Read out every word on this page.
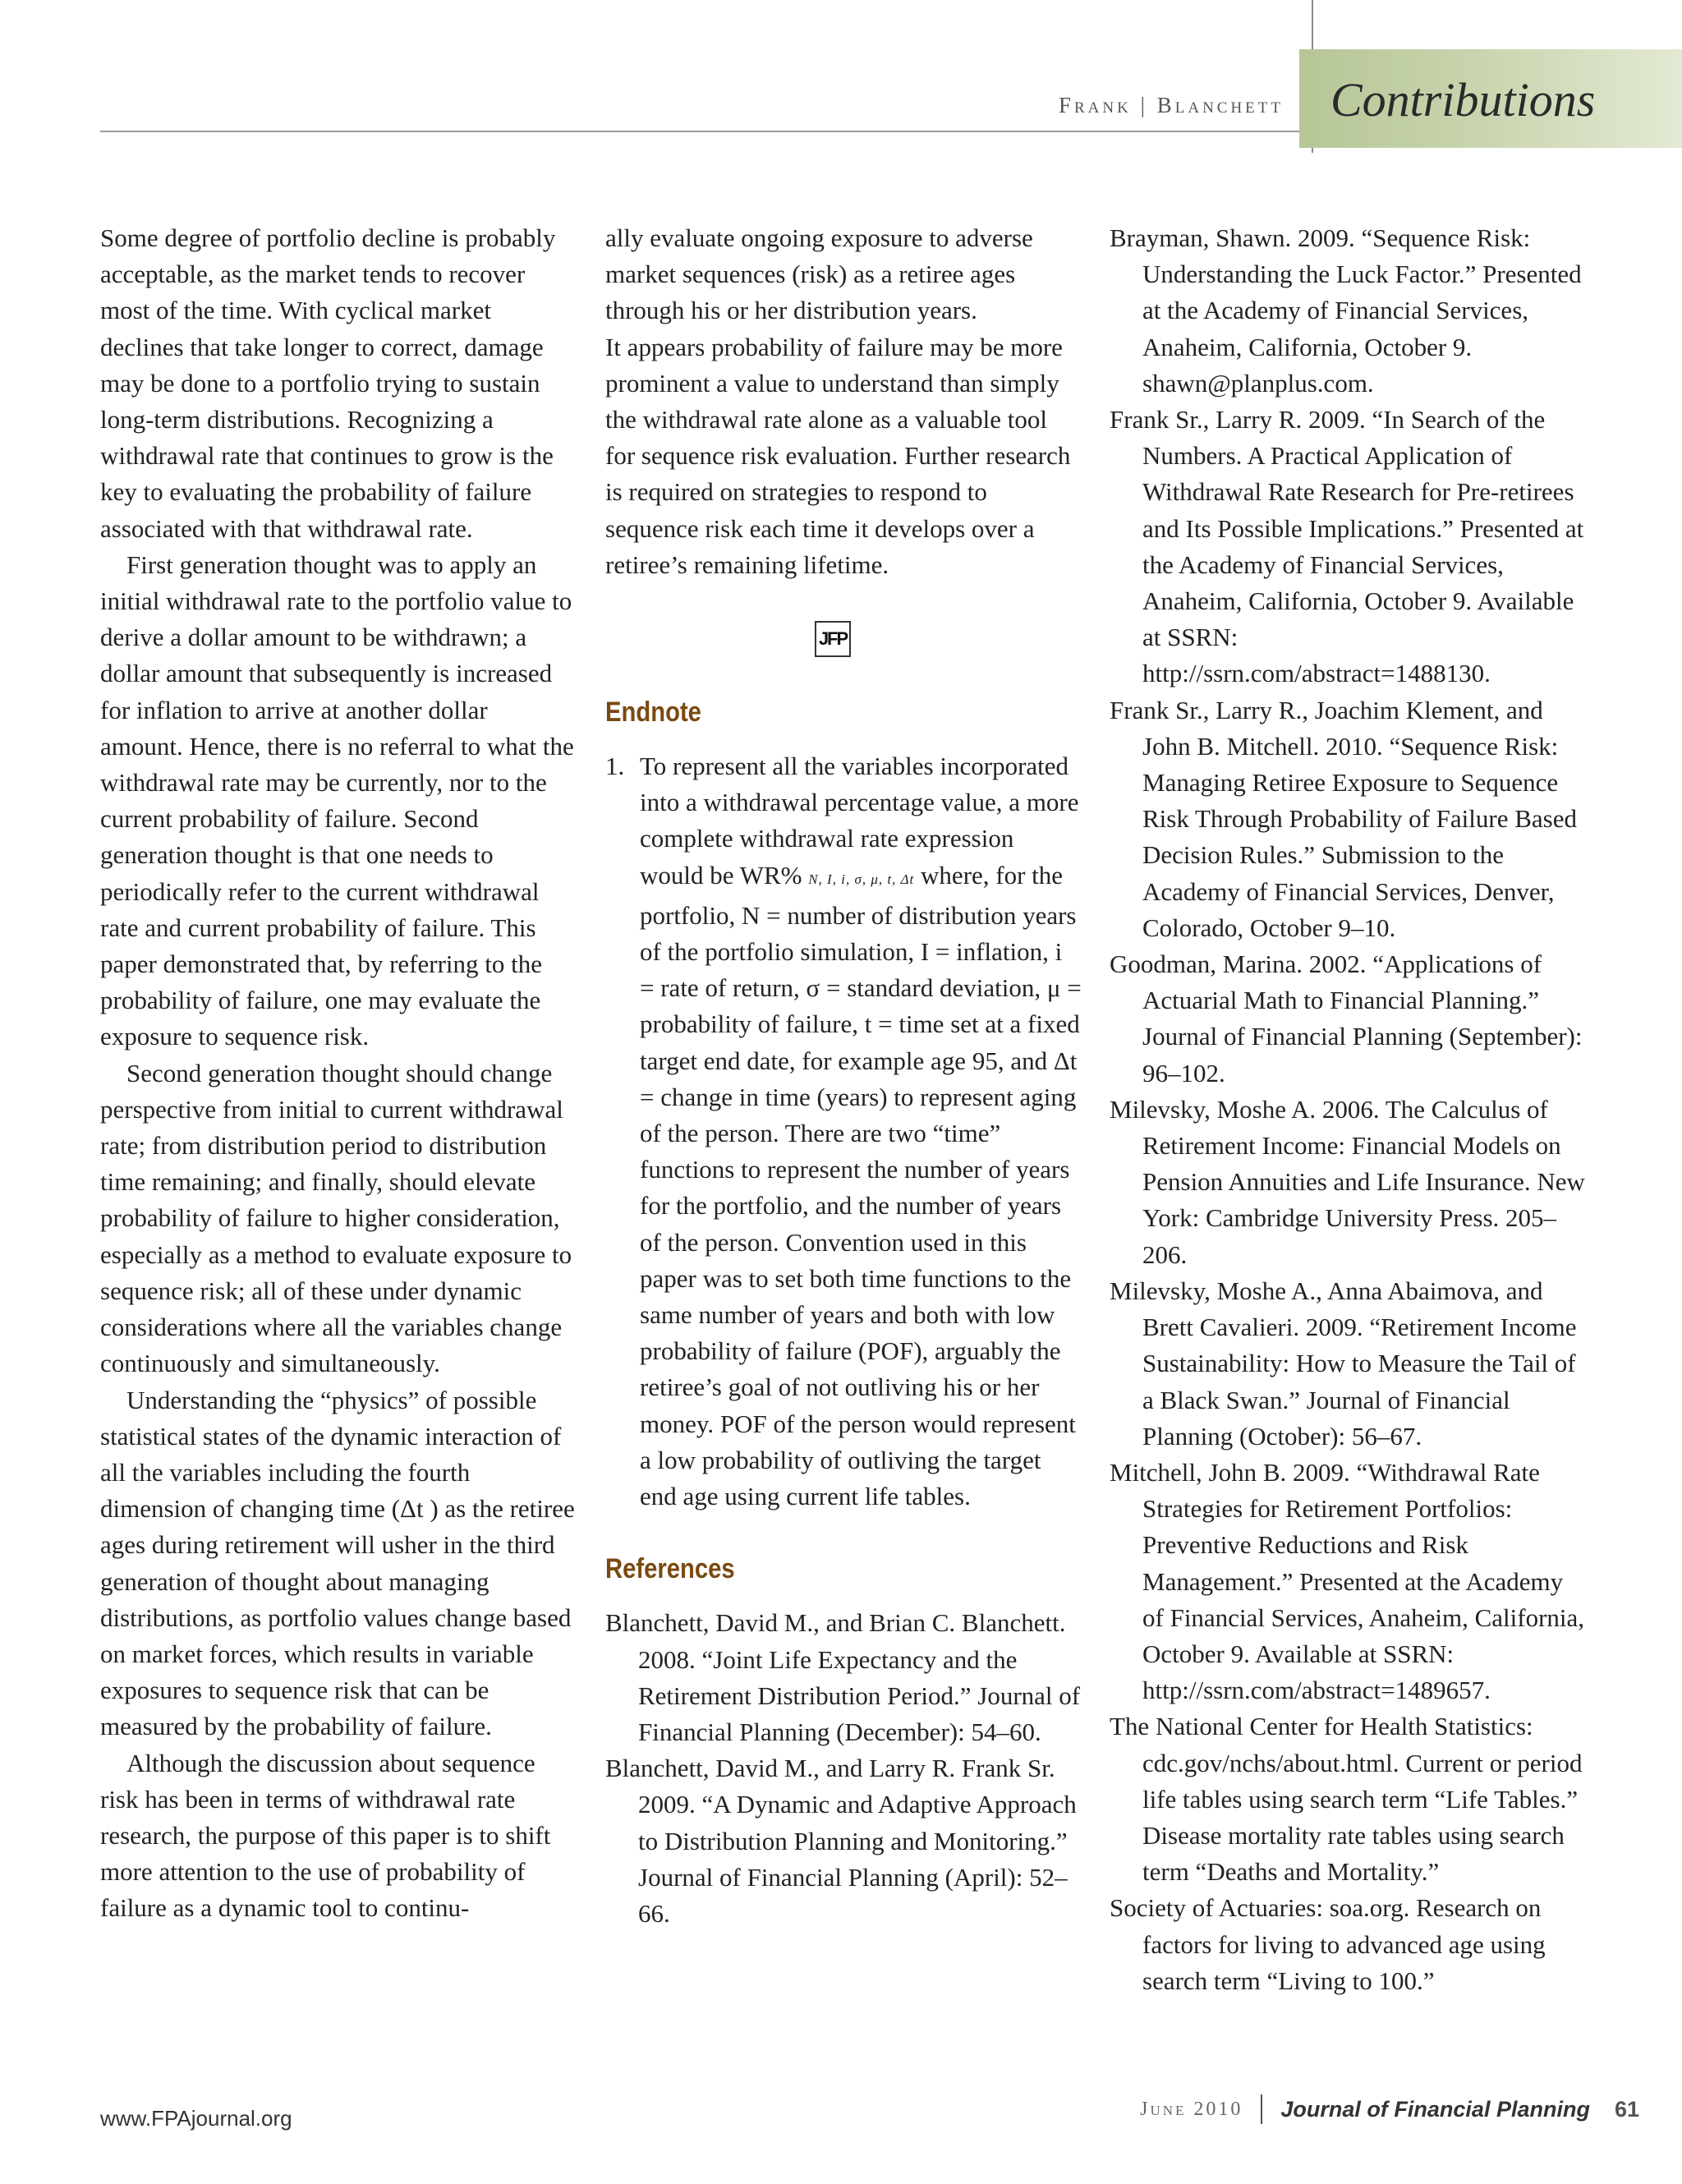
Contributions
Frank | Blanchett

Some degree of portfolio decline is probably acceptable, as the market tends to recover most of the time. With cyclical market declines that take longer to correct, damage may be done to a portfolio trying to sustain long-term distributions. Recognizing a withdrawal rate that continues to grow is the key to evaluating the probability of failure associated with that withdrawal rate.

First generation thought was to apply an initial withdrawal rate to the portfolio value to derive a dollar amount to be withdrawn; a dollar amount that subsequently is increased for inflation to arrive at another dollar amount. Hence, there is no referral to what the withdrawal rate may be currently, nor to the current probability of failure. Second generation thought is that one needs to periodically refer to the current withdrawal rate and current probability of failure. This paper demonstrated that, by referring to the probability of failure, one may evaluate the exposure to sequence risk.

Second generation thought should change perspective from initial to current withdrawal rate; from distribution period to distribution time remaining; and finally, should elevate probability of failure to higher consideration, especially as a method to evaluate exposure to sequence risk; all of these under dynamic considerations where all the variables change continuously and simultaneously.

Understanding the “physics” of possible statistical states of the dynamic interaction of all the variables including the fourth dimension of changing time (Δt ) as the retiree ages during retirement will usher in the third generation of thought about managing distributions, as portfolio values change based on market forces, which results in variable exposures to sequence risk that can be measured by the probability of failure.

Although the discussion about sequence risk has been in terms of withdrawal rate research, the purpose of this paper is to shift more attention to the use of probability of failure as a dynamic tool to continu-

ally evaluate ongoing exposure to adverse market sequences (risk) as a retiree ages through his or her distribution years.

It appears probability of failure may be more prominent a value to understand than simply the withdrawal rate alone as a valuable tool for sequence risk evaluation. Further research is required on strategies to respond to sequence risk each time it develops over a retiree’s remaining lifetime.

JFP
Endnote
1. To represent all the variables incorporated into a withdrawal percentage value, a more complete withdrawal rate expression would be WR% N, I, i, σ, μ, t, Δt where, for the portfolio, N = number of distribution years of the portfolio simulation, I = inflation, i = rate of return, σ = standard deviation, μ = probability of failure, t = time set at a fixed target end date, for example age 95, and Δt = change in time (years) to represent aging of the person. There are two “time” functions to represent the number of years for the portfolio, and the number of years of the person. Convention used in this paper was to set both time functions to the same number of years and both with low probability of failure (POF), arguably the retiree’s goal of not outliving his or her money. POF of the person would represent a low probability of outliving the target end age using current life tables.
References

Blanchett, David M., and Brian C. Blanchett. 2008. “Joint Life Expectancy and the Retirement Distribution Period.” Journal of Financial Planning (December): 54–60.

Blanchett, David M., and Larry R. Frank Sr. 2009. “A Dynamic and Adaptive Approach to Distribution Planning and Monitoring.” Journal of Financial Planning (April): 52–66.

Brayman, Shawn. 2009. “Sequence Risk: Understanding the Luck Factor.” Presented at the Academy of Financial Services, Anaheim, California, October 9. shawn@planplus.com.

Frank Sr., Larry R. 2009. “In Search of the Numbers. A Practical Application of Withdrawal Rate Research for Pre-retirees and Its Possible Implications.” Presented at the Academy of Financial Services, Anaheim, California, October 9. Available at SSRN: http://ssrn.com/abstract=1488130.

Frank Sr., Larry R., Joachim Klement, and John B. Mitchell. 2010. “Sequence Risk: Managing Retiree Exposure to Sequence Risk Through Probability of Failure Based Decision Rules.” Submission to the Academy of Financial Services, Denver, Colorado, October 9–10.

Goodman, Marina. 2002. “Applications of Actuarial Math to Financial Planning.” Journal of Financial Planning (September): 96–102.

Milevsky, Moshe A. 2006. The Calculus of Retirement Income: Financial Models on Pension Annuities and Life Insurance. New York: Cambridge University Press. 205–206.

Milevsky, Moshe A., Anna Abaimova, and Brett Cavalieri. 2009. “Retirement Income Sustainability: How to Measure the Tail of a Black Swan.” Journal of Financial Planning (October): 56–67.

Mitchell, John B. 2009. “Withdrawal Rate Strategies for Retirement Portfolios: Preventive Reductions and Risk Management.” Presented at the Academy of Financial Services, Anaheim, California, October 9. Available at SSRN: http://ssrn.com/abstract=1489657.

The National Center for Health Statistics: cdc.gov/nchs/about.html. Current or period life tables using search term “Life Tables.” Disease mortality rate tables using search term “Deaths and Mortality.”

Society of Actuaries: soa.org. Research on factors for living to advanced age using search term “Living to 100.”

www.FPAjournal.org	June 2010 Journal of Financial Planning 61
